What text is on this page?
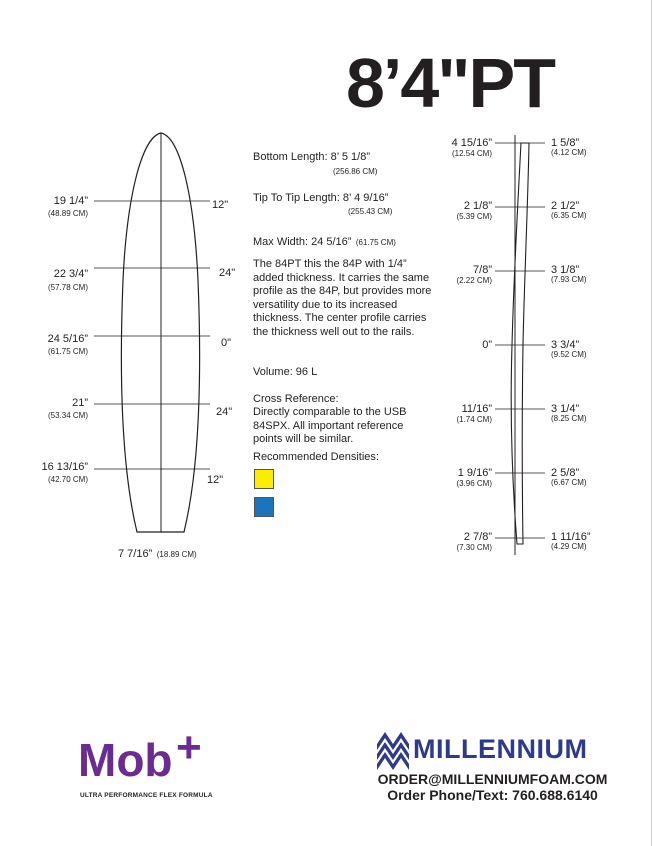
8’4"PT
19 1/4”
(48.89 CM)
22 3/4”
(57.78 CM)
24 5/16”
(61.75 CM)
21”
(53.34 CM)
16 13/16”
(42.70 CM)
12"
24"
0"
24"
12"
7 7/16” (18.89 CM)
Bottom Length: 8’ 5 1/8”
(256.86 CM)
Tip To Tip Length: 8’ 4 9/16”
(255.43 CM)
Max Width: 24 5/16” (61.75 CM)
The 84PT this the 84P with 1/4” added thickness. It carries the same profile as the 84P, but provides more versatility due to its increased thickness. The center profile carries the thickness well out to the rails.
Volume: 96 L
Cross Reference:
Directly comparable to the USB 84SPX. All important reference points will be similar.
Recommended Densities:
4 15/16”
(12.54 CM)
2 1/8”
(5.39 CM)
7/8”
(2.22 CM)
0”
11/16”
(1.74 CM)
1 9/16”
(3.96 CM)
2 7/8”
(7.30 CM)
1 5/8”
(4.12 CM)
2 1/2”
(6.35 CM)
3 1/8”
(7.93 CM)
3 3/4”
(9.52 CM)
3 1/4”
(8.25 CM)
2 5/8”
(6.67 CM)
1 11/16”
(4.29 CM)
Mob +
ULTRA PERFORMANCE FLEX FORMULA
MILLENNIUM
ORDER@MILLENNIUMFOAM.COM
Order Phone/Text: 760.688.6140
